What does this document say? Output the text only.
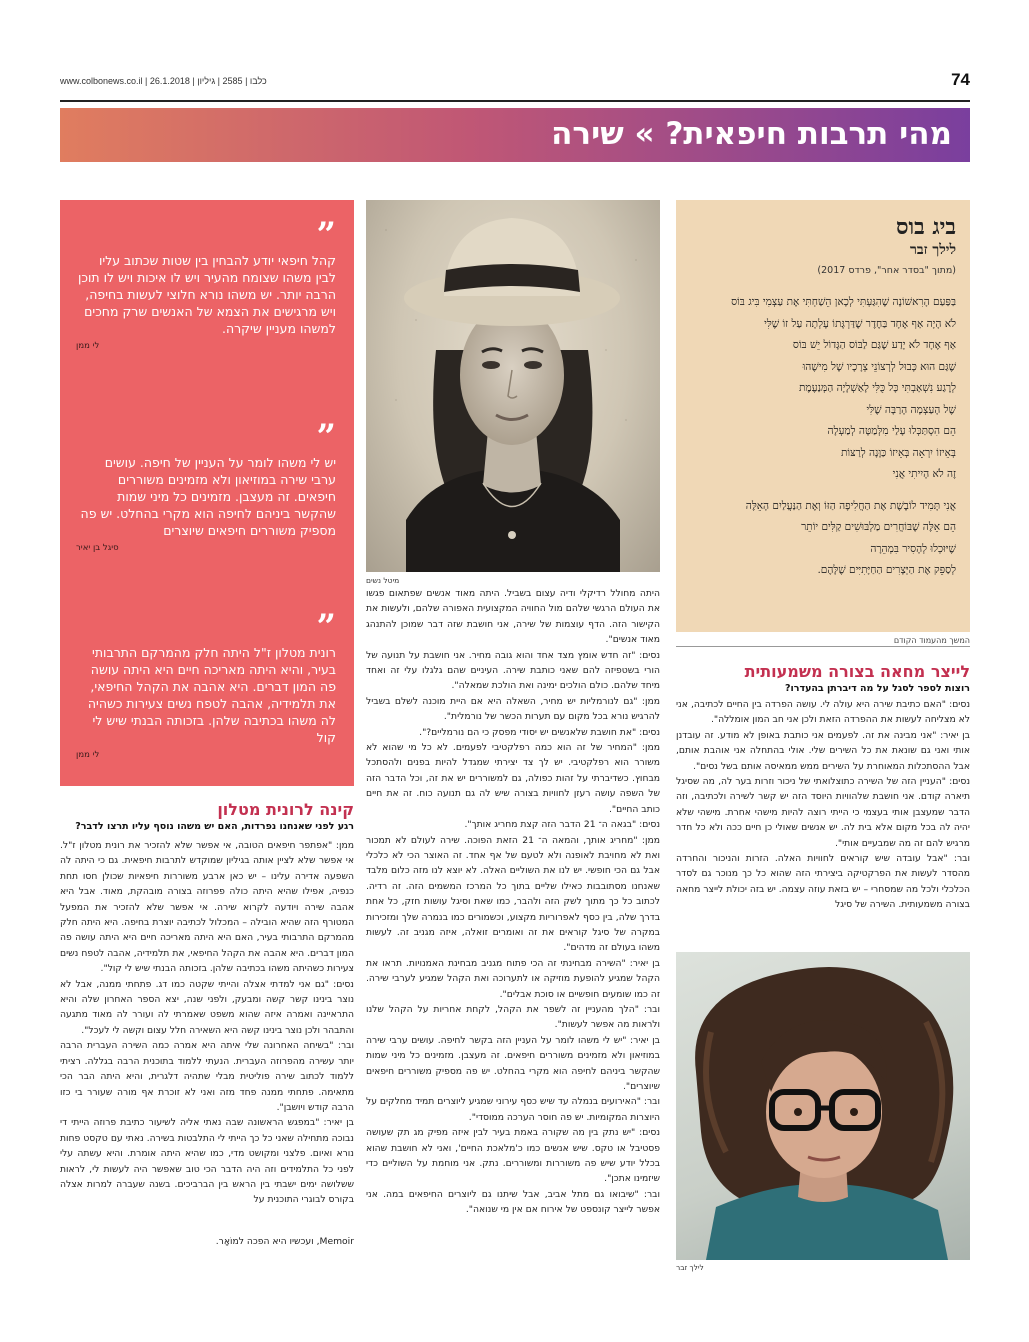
74
www.colbonews.co.il | כלבו | 2585 | גיליון | 26.1.2018
מהי תרבות חיפאית? » שירה
ביג בוס
לילך זבר
(מתוך "בסדר אחר", פרדס 2017)
בַּפַּעַם הָרִאשׁוֹנָה שֶׁהִגַּעְתִּי לְכָאן הֵשַׁחְתִּי אֶת עַצְמִי בִּיג בּוֹס
לֹא הָיָה אַף אֶחָד בַּחֶדֶר שֶׁדַּרְגָּתוֹ עָלְתָה עַל זוֹ שֶׁלִּי
אַף אֶחָד לֹא יָדַע שֶׁגַּם לַבּוֹס הַגָּדוֹל יֵשׁ בּוֹס
שֶׁגַּם הוּא כָּבוּל לְרְצוֹנֵי צְרָכָיו שֶׁל מִישֶׁהוּ
לְרֶגַע נִשְׁאַבְתִּי כָּל כֻּלִּי לָאַשְׁלָיָה הַמְּנַעֶמֶת
שֶׁל הָעַצְמָה הָרַבָּה שֶׁלִּי
הֵם הִסְתַּכְּלוּ עָלַי מִלְּמַטָּה לְמַעְלָה
בְּאֵיזוֹ יִרְאָה בְּאֵיזוֹ כַּוָּנָה לְרַצּוֹת
זֶה לֹא הָיִיתִי אֲנִי
אֲנִי תָּמִיד לוֹבֶשֶׁת אֶת הַחֲלִיפָה הַזּוֹ וְאֶת הַנַּעֲלַיִם הָאֵלֶּה
הֵם אֵלֶּה שֶׁבּוֹחֲרִים מַלְבּוּשִׁים קַלִּים יוֹתֵר
שֶׁיּוּכְלוּ לְהָסִיר בִּמְהֵרָה
לְסַפֵּק אֶת הַיְּצָרִים הַחַיָּתִיִּים שֶׁלָּהֶם.
המשך מהעמוד הקודם
לייצר מחאה בצורה משמעותית
רוצות לספר לסגל על מה דיברתן בהעדרו?

נסים: "האם כתיבת שירה היא עולה לי. עושה הפרדה בין החיים לכתיבה, אני לא מצליחה לעשות את ההפרדה הזאת ולכן אני חב המון אומללה".

בן יאיר: "אני מבינה את זה. לפעמים אני כותבת באופן לא מודע. זה עובדנן אותי ואני גם שונאת את כל השירים שלי. אולי בהתחלה אני אוהבת אותם, אבל ההסתכלות המאוחרת על השירים ממש ממאיסה אותם בשל נסים".

נסים: "העניין הזה של השירה כתוצלואתי של ניכור וזרות בער לה, מה שסיגל תיארה קודם. אני חושבת שלהוויות היוסד הזה יש קשר לשירה ולכתיבה, וזה הדבר שמעצבן אותי בעצמי כי הייתי רוצה להיות מישהי אחרת. מישהי שלא יהיה לה בכל מקום אלא בית לה. יש אנשים שאולי כן חיים ככה ולא כל חדר מרגיש להם זה מה שמבעיים אותי".

ובר: "אבל עובדה שיש קוראים לחוויות האלה. הזרות והניכור והחרדה מהסדר לעשות את הפרקטיקה ביצירתי הזה שהוא כל כך מנוכר גם לסדר הכלכלי ולכל מה שמסחרי – יש בזאת עוזה עצמה. יש בזה יכולת לייצר מחאה בצורה משמעותית. השירה של סיגל

מיטל נשים

היתה מחולל רדיקלי ודיה עצום בשביל. היתה מאוד אנשים שפתאום פגשו את העולם הרגשי שלהם מול החוויה המקצועית האפורה שלהם, ולעשות את הקישור הזה. הדף עוצמות של שירה, אני חושבת שזה דבר שמוכן להתנהג מאוד אנשים".

נסים: "זה חדש אומץ מצד אחד והוא גובה מחיר. אני חושבת על תנועה של הורי בשטפיזה להם שאני כותבת שירה. העיניים שהם גלגלו עלי זה ואחד מיחד שלהם. כולם הולכים ימינה ואת הולכת שמאלה".

ממן: "גם לנורמליות יש מחיר, השאלה היא אם היית מוכנה לשלם בשביל להרגיש נורא בכל מקום עם תערות הכשר של נורמלית".

נסים: "את חושבת שלאנשים יש יסודי מפסק כי הם נורמליים?".

ממן: "המחיר של זה הוא כמה רפלקטיבי לפעמים. לא כל מי שהוא לא משורר הוא רפלקטיבי. יש לך צד יצירתי שמגדל להיות בפנים ולהסתכל מבחוץ. כשדיברתי על זהות כפולה, גם למשוררים יש את זה, וכל הדבר הזה של השפה עושה רעזן לחוויות בצורה שיש לה גם תנועה כוח. זה את חיים כותב החיים".

נסים: "בגאה ה־ 21 הדבר הזה קצת מחריג אותך".

ממן: "מחריג אותך, והמאה ה־ 21 הזאת הפוכה. שירה לעולם לא תמכור ואת לא מחויבת לאופנה ולא לטעם של אף אחד. זה האוצר הכי לא כלכלי אבל גם הכי חופשי. יש לנו את השוליים האלה. לא יוצא לנו מזה כלום מלבד שאנחנו מסתובבות כאילו שליים בתוך כל המרכז המשמים הזה. זה רדיה. לכתוב כל כך מתוך לשק הזה ולהבר, כמו שאת וסיגל עושות חזק, כל אחת בדרך שלה, בין כסף לאפרוריות מקצוע, וכשמורים כמו בנמרה שלך ומזכירות במקרה של סיגל קוראים את זה ואומרים זואלה, איזה מגניב זה. לעשות משהו בעולם זה מדהים".

בן יאיר: "השירה מבחינתי זה הכי פתוח מגניב מבחינת האמנויות. תראו את הקהל שמגיע להופעת מוזיקה או לתערוכה ואת הקהל שמגיע לערבי שירה. זה כמו שומעים חופשיים או סוכת אבלים".

ובר: "הלך מהעניין זה לשפר את הקהל, לקחת אחריות על הקהל שלנו ולראות מה אפשר לעשות".

בן יאיר: "יש לי משהו לומר על העניין הזה בקשר לחיפה. עושים ערבי שירה במוזיאון ולא מזמינים משוררים חיפאים. זה מעצבן. מזמינים כל מיני שמות שהקשר ביניהם לחיפה הוא מקרי בהחלט. יש פה מספיק משוררים חיפאים שיוצרים".

ובר: "האירועים בנמלה עד שיש כסף עירוני שמגיע ליוצרים תמיד מחלקים על היוצרות המקומיות. יש פה חוסר הערכה ממוסדי".

נסים: "יש נתק בין מה שקורה באמת בעיר לבין איזה מפיק מג תק שעושה פסטיבל או טקס. שיש אנשים כמו כ'מלאכת החיים', ואני לא חושבת שהוא בכלל יודע שיש פה משוררות ומשוררים. נתק. אני מוחמת על השוליים כדי שיזמינו אתכן".

ובר: "שיבואו גם מתל אביב, אבל שיתנו גם ליוצרים החיפאים במה. אני אפשר לייצר קונספט של אירוח אם אין מי שנואה".

לילך זבר
”
קהל חיפאי יודע להבחין בין שטות שכתוב עליו לבין משהו שצומח מהעיר ויש לו איכות ויש לו תוכן הרבה יותר. יש משהו נורא חלוצי לעשות בחיפה, ויש מרגישים את הצמא של האנשים שרק מחכים למשהו מעניין שיקרה.
לי ממן
”
יש לי משהו לומר על העניין של חיפה. עושים ערבי שירה במוזיאון ולא מזמינים משוררים חיפאים. זה מעצבן. מזמינים כל מיני שמות שהקשר ביניהם לחיפה הוא מקרי בהחלט. יש פה מספיק משוררים חיפאים שיוצרים
סיגל בן יאיר
”
רונית מטלון ז"ל היתה חלק מהמרקם התרבותי בעיר, והיא היתה מאריכה חיים היא היתה עושה פה המון דברים. היא אהבה את הקהל החיפאי, את תלמידיה, אהבה לטפח נשים צעירות כשהיה לה משהו בכתיבה שלהן. בזכותה הבנתי שיש לי קול
לי ממן
קינה לרונית מטלון
רגע לפני שאנחנו נפרדות, האם יש משהו נוסף עליו תרצו לדבר?

ממן: "אפתפר חיפאים הטובה, אי אפשר שלא להזכיר את רונית מטלון ז"ל. אי אפשר שלא לציין אותה בגיליון שמוקדש לתרבות חיפאית. גם כי היתה לה השפעה אדירה עלינו – יש כאן ארבע משוררות חיפאיות שכולן חסו תחת כנפיה, אפילו שהיא היתה כולה פפרוזה בצורה מובהקת, מאוד. אבל היא אהבה שירה ויודעה לקרוא שירה. אי אפשר שלא להזכיר את המפעל המטורף הזה שהיא הובילה – המכלול לכתיבה יוצרת בחיפה. היא היתה חלק מהמרקם התרבותי בעיר, האם היא היתה מאריכה חיים היא היתה עושה פה המון דברים. היא אהבה את הקהל החיפאי, את תלמידיה, אהבה לטפח נשים צעירות כשהיתה משהו בכתיבה שלהן. בזכותה הבנתי שיש לי קול".

נסים: "גם אני למדתי אצלה והייתי שקטה כמו דג. פתחתי ממנה, אבל לא נוצר בינינו קשר קשה ומבעק, ולפני שנה, יצא הספר האחרון שלה והיא התראיינה ואמרה איזה שהוא משפט שאמרתי לה ועורר לה מאוד מתגעה והתבהר ולכן נוצר בינינו קשה היא השאירה חלל עצום וקשה לי לעכל".

ובר: "בשיחה האחרונה שלי איתה היא אמרה כמה השירה העברית הרבה יותר עשירה מהפרוזה העברית. הנעתי ללמוד בתוכנית הרבה בגללה. רציתי ללמוד לכתוב שירה פוליטית מבלי שתהיה דלגרית, והיא היתה הבר הכי מתאימה. פתחתי ממנה פחד מזה ואני לא זוכרת אף מורה שעורר בי כזו הרבה קודש ויושבן".

בן יאיר: "במפגש הראשונה שבה נאתי אליה לשיעור כתיבת פרוזה הייתי די נבוכה מתחילה שאני כל כך הייתי לי התלבטות בשירה. נאתי עם טקסט פחות נורא ואיום. פלצני ומקושט מדי, כמו שהיא היתה אומרת. והיא עשתה עלי לפני כל התלמידים וזה היה הדבר הכי טוב שאפשר היה לעשות לי, לראות ששלושה ימים ישבתי בין הראש בין הברביכים. בשנה שעברה למרות אצלה בקורס לבוגרי התוכנית על

Memoir, ועכשיו היא הפכה למוֹאָר.
